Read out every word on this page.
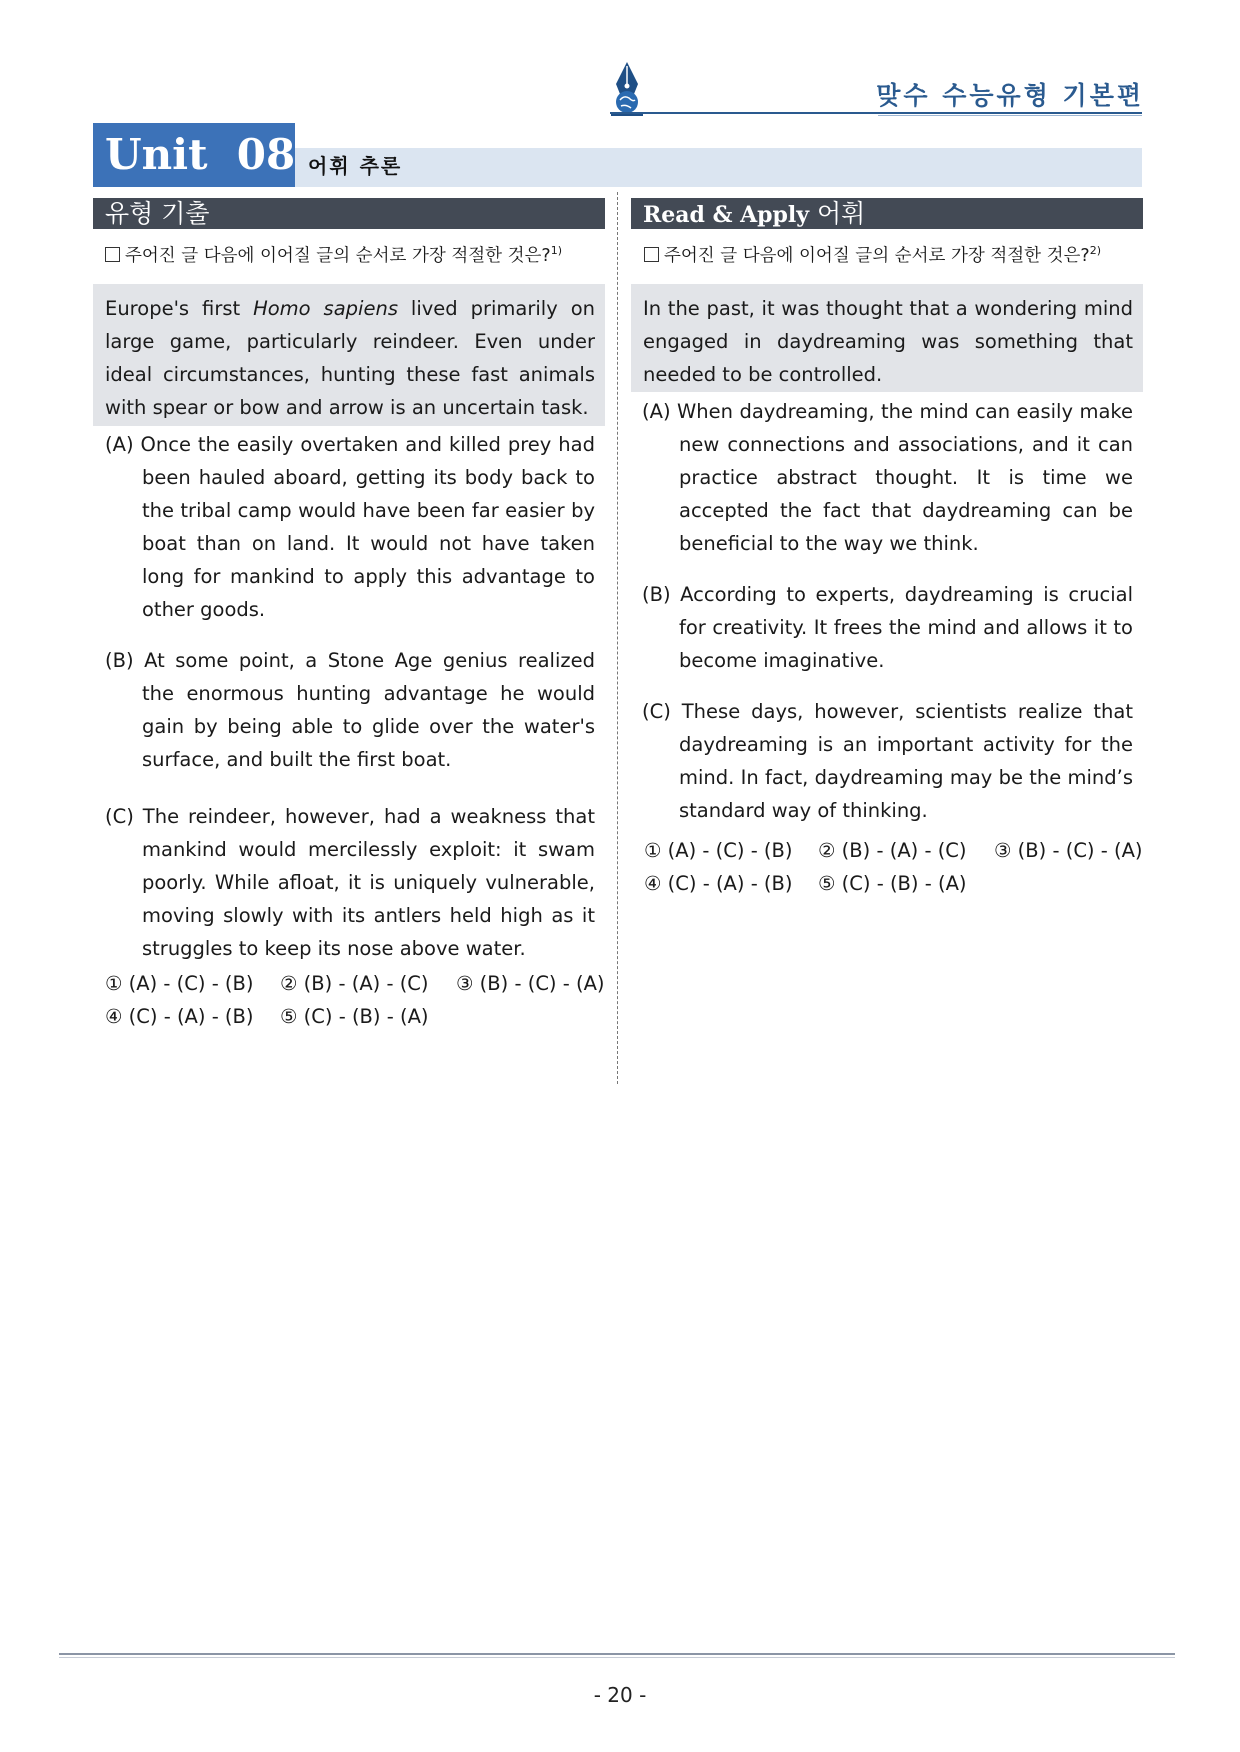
맞수 수능유형 기본편
Unit  08 어휘 추론
유형 기출	Read & Apply 어휘
주어진 글 다음에 이어질 글의 순서로 가장 적절한 것은?$^{1)}$
Europe's first Homo sapiens lived primarily on large game, particularly reindeer. Even under ideal circumstances, hunting these fast animals with spear or bow and arrow is an uncertain task.
(A) Once the easily overtaken and killed prey had been hauled aboard, getting its body back to the tribal camp would have been far easier by boat than on land. It would not have taken long for mankind to apply this advantage to other goods.
(B) At some point, a Stone Age genius realized the enormous hunting advantage he would gain by being able to glide over the water's surface, and built the first boat.
(C) The reindeer, however, had a weakness that mankind would mercilessly exploit: it swam poorly. While afloat, it is uniquely vulnerable, moving slowly with its antlers held high as it struggles to keep its nose above water.
① (A) - (C) - (B) ② (B) - (A) - (C) ③ (B) - (C) - (A)
④ (C) - (A) - (B) ⑤ (C) - (B) - (A)
주어진 글 다음에 이어질 글의 순서로 가장 적절한 것은?$^{2)}$
In the past, it was thought that a wondering mind engaged in daydreaming was something that needed to be controlled.
(A) When daydreaming, the mind can easily make new connections and associations, and it can practice abstract thought. It is time we accepted the fact that daydreaming can be beneficial to the way we think.
(B) According to experts, daydreaming is crucial for creativity. It frees the mind and allows it to become imaginative.
(C) These days, however, scientists realize that daydreaming is an important activity for the mind. In fact, daydreaming may be the mind’s standard way of thinking.
① (A) - (C) - (B) ② (B) - (A) - (C) ③ (B) - (C) - (A)
④ (C) - (A) - (B) ⑤ (C) - (B) - (A)
- 20 -
